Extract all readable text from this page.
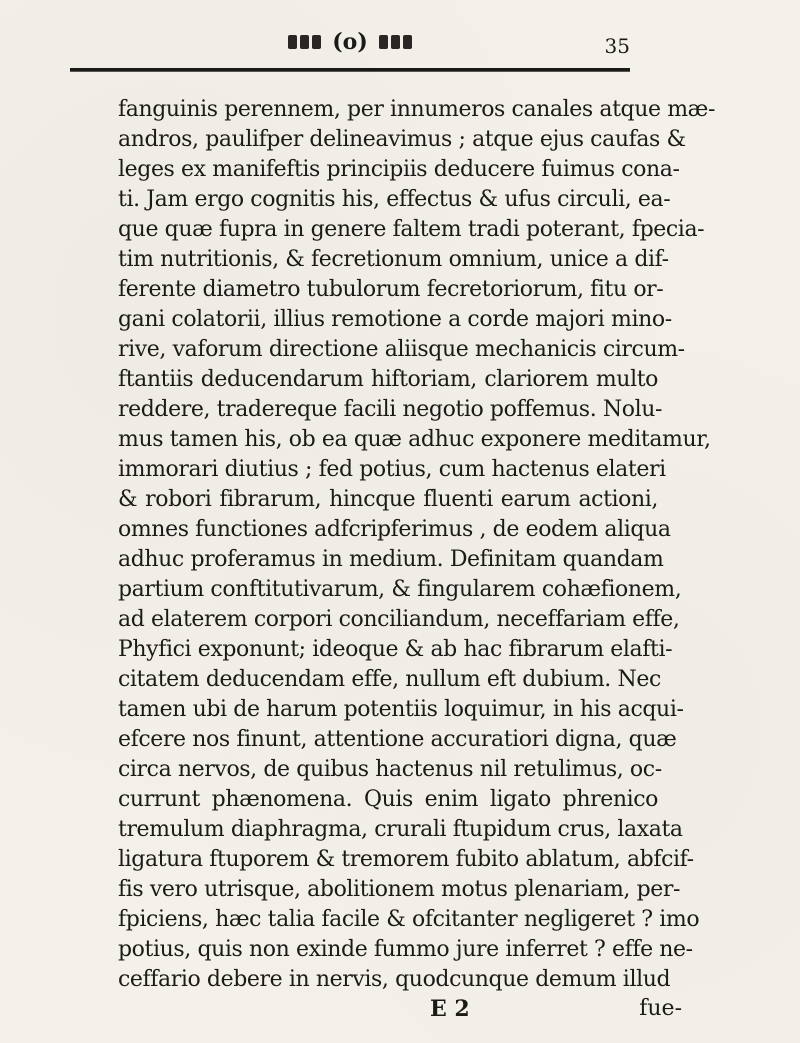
(o)	35
fanguinis perennem, per innumeros canales atque mæ-
andros, paulifper delineavimus ; atque ejus caufas &
leges ex manifeftis principiis deducere fuimus cona-
ti. Jam ergo cognitis his, effectus & ufus circuli, ea-
que quæ fupra in genere faltem tradi poterant, fpecia-
tim nutritionis, & fecretionum omnium, unice a dif-
ferente diametro tubulorum fecretoriorum, fitu or-
gani colatorii, illius remotione a corde majori mino-
rive, vaforum directione aliisque mechanicis circum-
ftantiis deducendarum hiftoriam, clariorem multo
reddere, tradereque facili negotio poffemus. Nolu-
mus tamen his, ob ea quæ adhuc exponere meditamur,
immorari diutius ; fed potius, cum hactenus elateri
& robori fibrarum, hincque fluenti earum actioni,
omnes functiones adfcripferimus , de eodem aliqua
adhuc proferamus in medium. Definitam quandam
partium conftitutivarum, & fingularem cohæfionem,
ad elaterem corpori conciliandum, neceffariam effe,
Phyfici exponunt; ideoque & ab hac fibrarum elafti-
citatem deducendam effe, nullum eft dubium. Nec
tamen ubi de harum potentiis loquimur, in his acqui-
efcere nos finunt, attentione accuratiori digna, quæ
circa nervos, de quibus hactenus nil retulimus, oc-
currunt phænomena. Quis enim ligato phrenico
tremulum diaphragma, crurali ftupidum crus, laxata
ligatura ftuporem & tremorem fubito ablatum, abfcif-
fis vero utrisque, abolitionem motus plenariam, per-
fpiciens, hæc talia facile & ofcitanter negligeret ? imo
potius, quis non exinde fummo jure inferret ? effe ne-
ceffario debere in nervis, quodcunque demum illud
E 2	fue-
